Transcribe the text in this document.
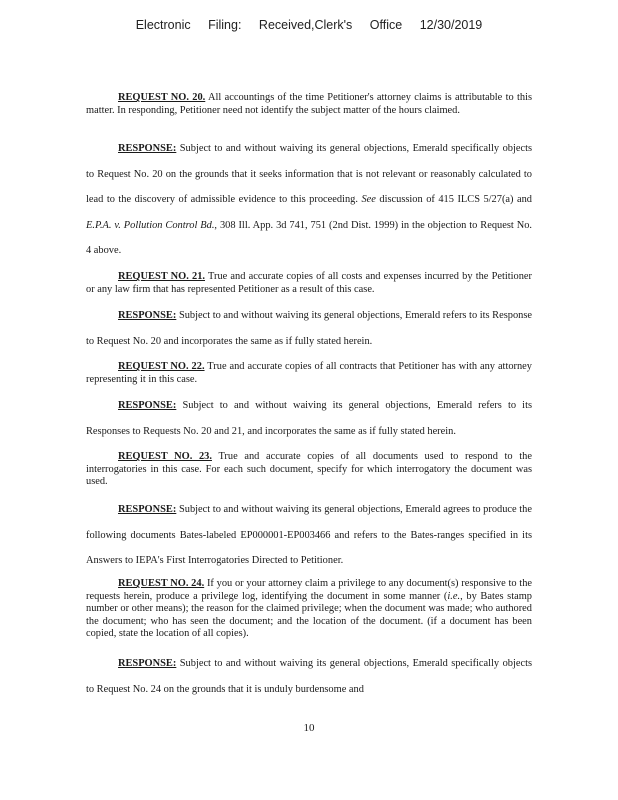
Electronic Filing: Received,Clerk's Office 12/30/2019
REQUEST NO. 20. All accountings of the time Petitioner's attorney claims is attributable to this matter. In responding, Petitioner need not identify the subject matter of the hours claimed.
RESPONSE: Subject to and without waiving its general objections, Emerald specifically objects to Request No. 20 on the grounds that it seeks information that is not relevant or reasonably calculated to lead to the discovery of admissible evidence to this proceeding. See discussion of 415 ILCS 5/27(a) and E.P.A. v. Pollution Control Bd., 308 Ill. App. 3d 741, 751 (2nd Dist. 1999) in the objection to Request No. 4 above.
REQUEST NO. 21. True and accurate copies of all costs and expenses incurred by the Petitioner or any law firm that has represented Petitioner as a result of this case.
RESPONSE: Subject to and without waiving its general objections, Emerald refers to its Response to Request No. 20 and incorporates the same as if fully stated herein.
REQUEST NO. 22. True and accurate copies of all contracts that Petitioner has with any attorney representing it in this case.
RESPONSE: Subject to and without waiving its general objections, Emerald refers to its Responses to Requests No. 20 and 21, and incorporates the same as if fully stated herein.
REQUEST NO. 23. True and accurate copies of all documents used to respond to the interrogatories in this case. For each such document, specify for which interrogatory the document was used.
RESPONSE: Subject to and without waiving its general objections, Emerald agrees to produce the following documents Bates-labeled EP000001-EP003466 and refers to the Bates-ranges specified in its Answers to IEPA's First Interrogatories Directed to Petitioner.
REQUEST NO. 24. If you or your attorney claim a privilege to any document(s) responsive to the requests herein, produce a privilege log, identifying the document in some manner (i.e., by Bates stamp number or other means); the reason for the claimed privilege; when the document was made; who authored the document; who has seen the document; and the location of the document. (if a document has been copied, state the location of all copies).
RESPONSE: Subject to and without waiving its general objections, Emerald specifically objects to Request No. 24 on the grounds that it is unduly burdensome and
10
